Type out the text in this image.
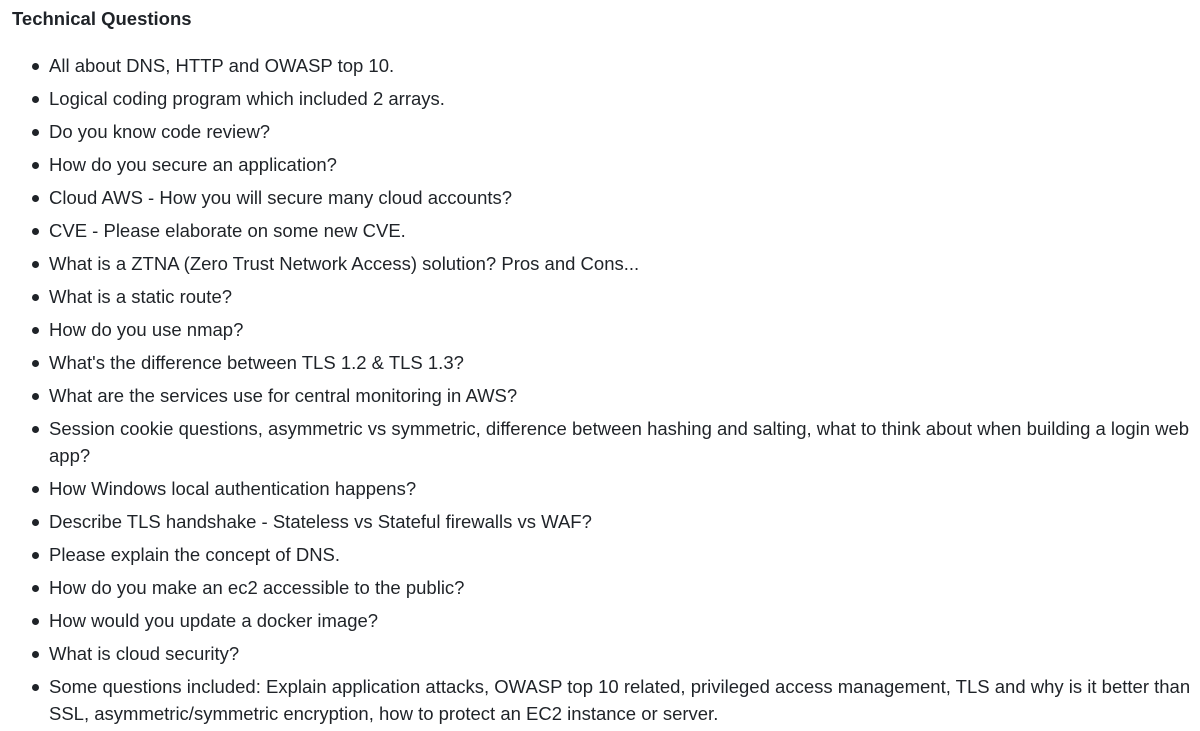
Technical Questions
All about DNS, HTTP and OWASP top 10.
Logical coding program which included 2 arrays.
Do you know code review?
How do you secure an application?
Cloud AWS - How you will secure many cloud accounts?
CVE - Please elaborate on some new CVE.
What is a ZTNA (Zero Trust Network Access) solution? Pros and Cons...
What is a static route?
How do you use nmap?
What's the difference between TLS 1.2 & TLS 1.3?
What are the services use for central monitoring in AWS?
Session cookie questions, asymmetric vs symmetric, difference between hashing and salting, what to think about when building a login web app?
How Windows local authentication happens?
Describe TLS handshake - Stateless vs Stateful firewalls vs WAF?
Please explain the concept of DNS.
How do you make an ec2 accessible to the public?
How would you update a docker image?
What is cloud security?
Some questions included: Explain application attacks, OWASP top 10 related, privileged access management, TLS and why is it better than SSL, asymmetric/symmetric encryption, how to protect an EC2 instance or server.
